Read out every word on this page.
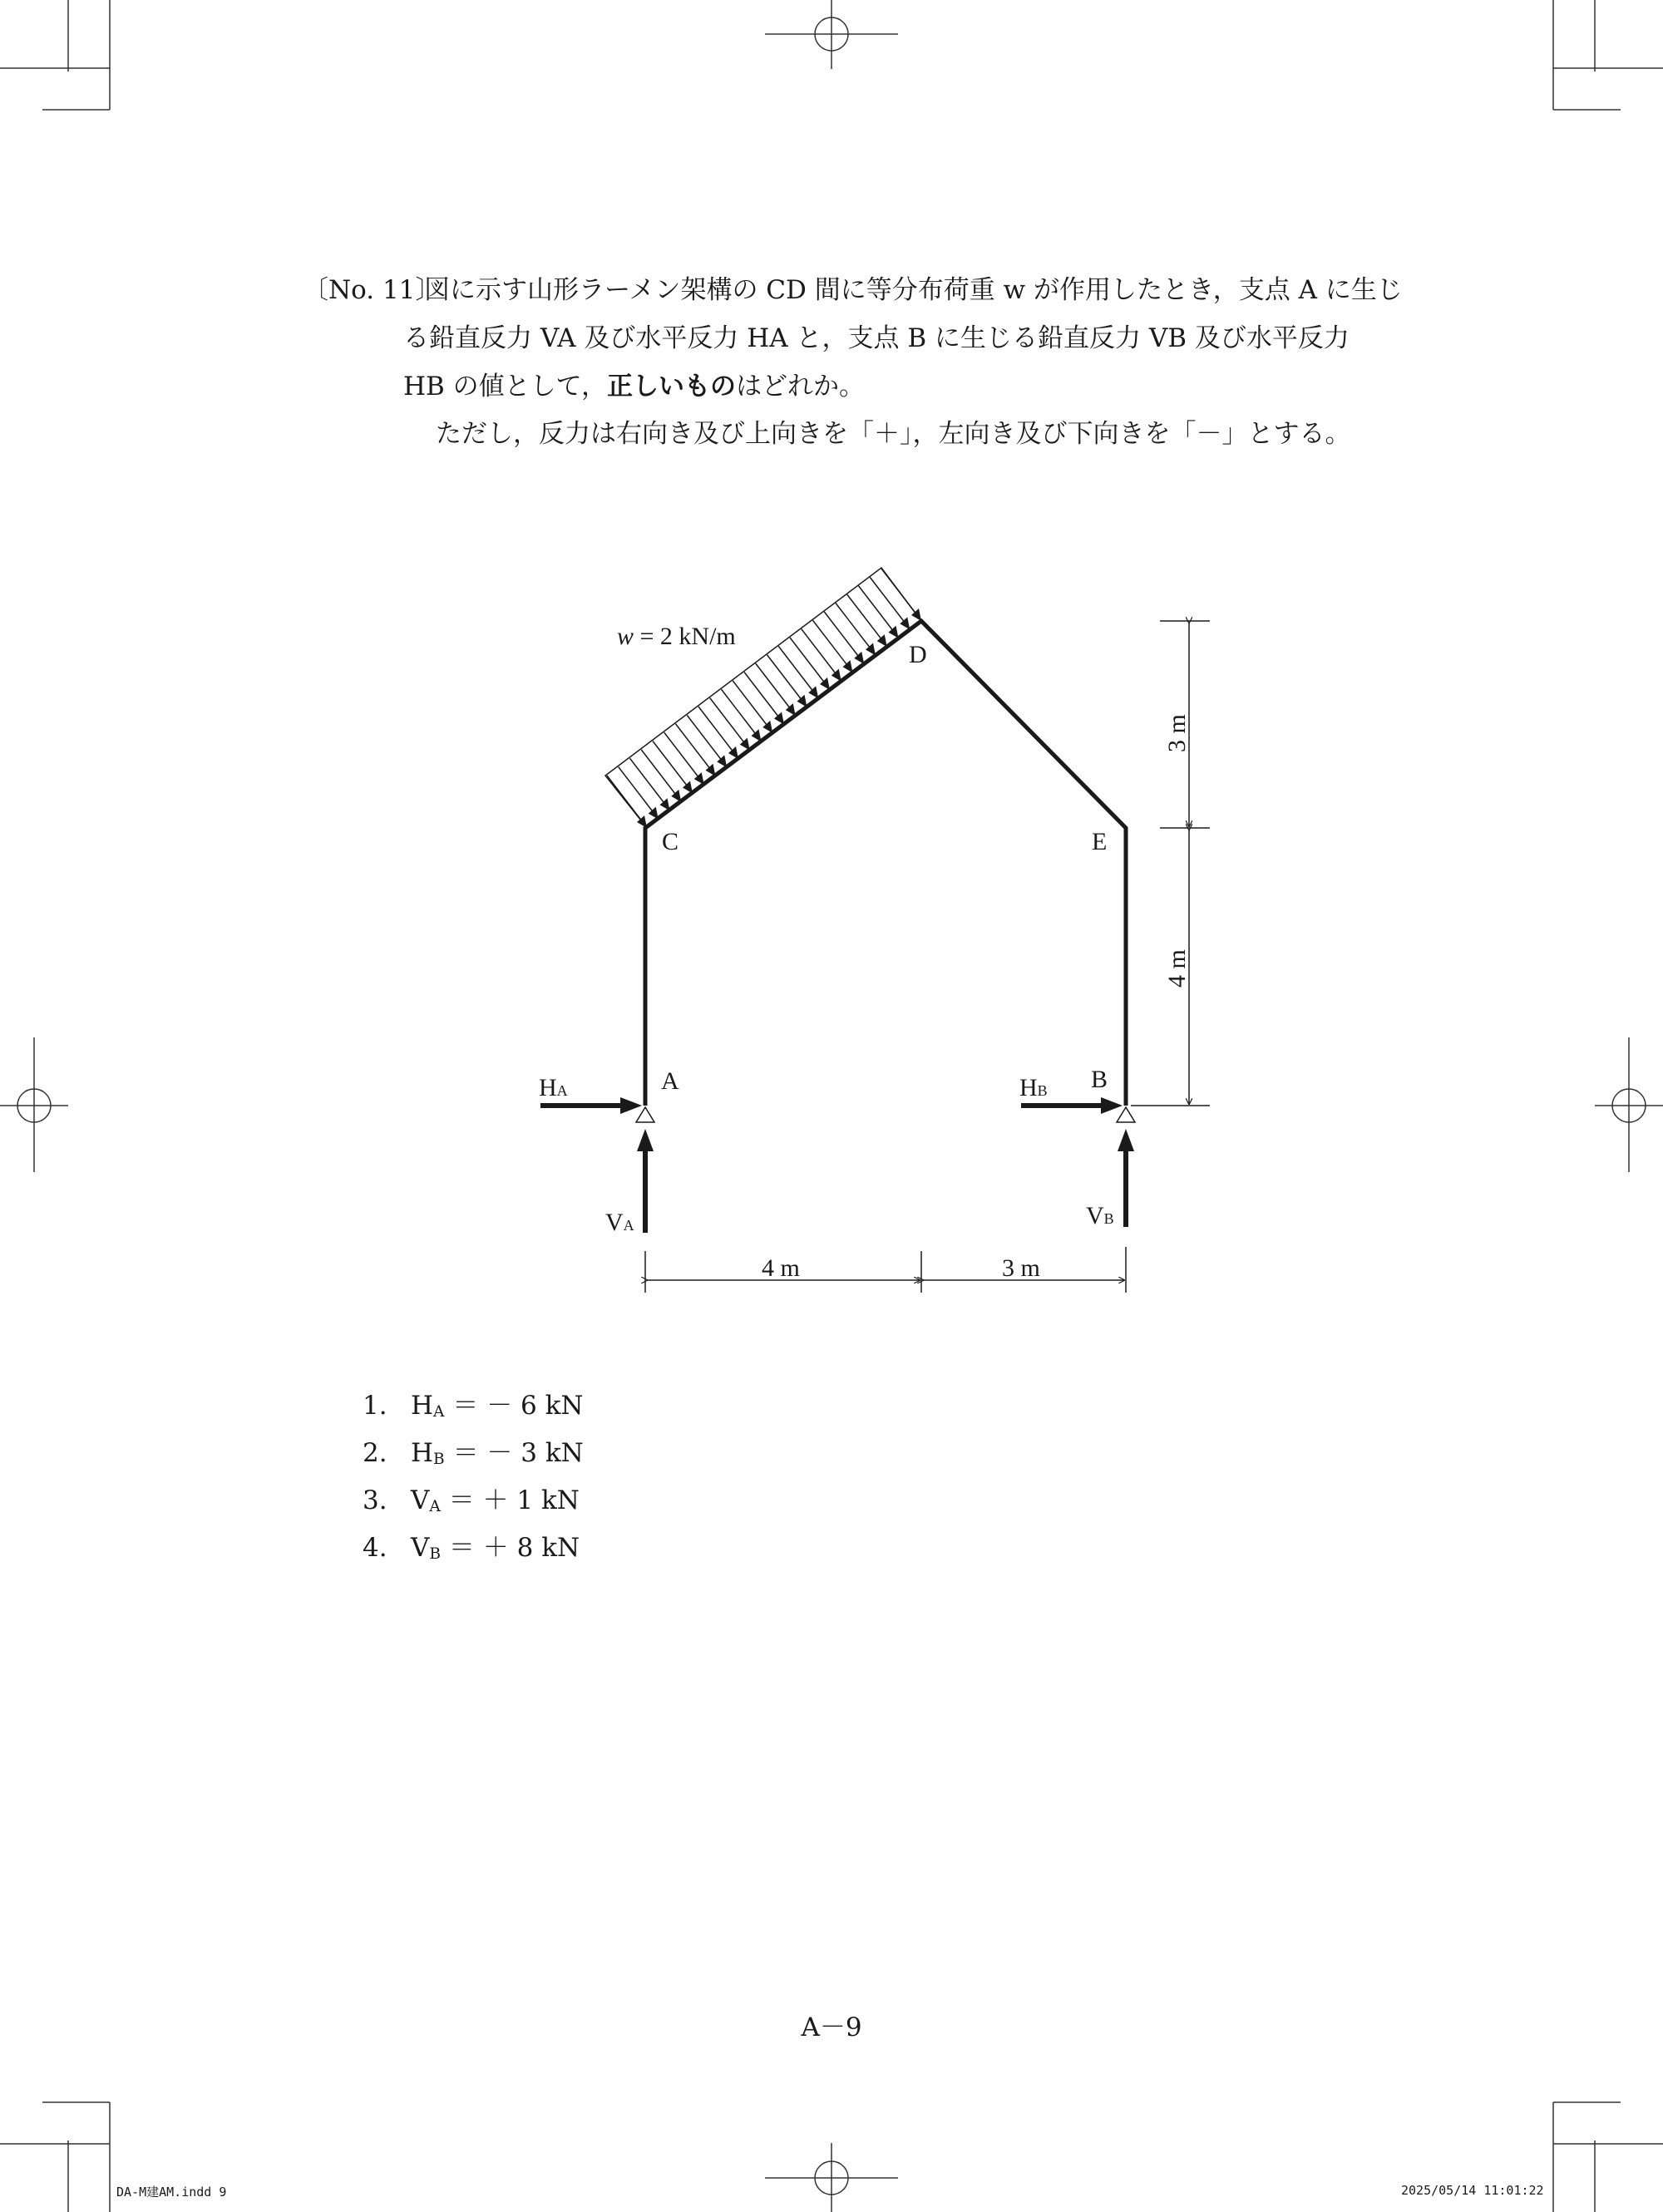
〔No. 11〕
図に示す山形ラーメン架構の CD 間に等分布荷重 w が作用したとき，支点 A に生じ
る鉛直反力 VA 及び水平反力 HA と，支点 B に生じる鉛直反力 VB 及び水平反力
HB の値として，正しいものはどれか。
ただし，反力は右向き及び上向きを「＋」，左向き及び下向きを「－」とする。
w = 2 kN/m
D
C	E
A	B
HA	HB
VA	VB
4 m	3 m
3 m
4 m
1. $H_A$ ＝ － 6 kN
2. $H_B$ ＝ － 3 kN
3. $V_A$ ＝ ＋ 1 kN
4. $V_B$ ＝ ＋ 8 kN
A－9
DA-M建AM.indd 9	2025/05/14 11:01:22
